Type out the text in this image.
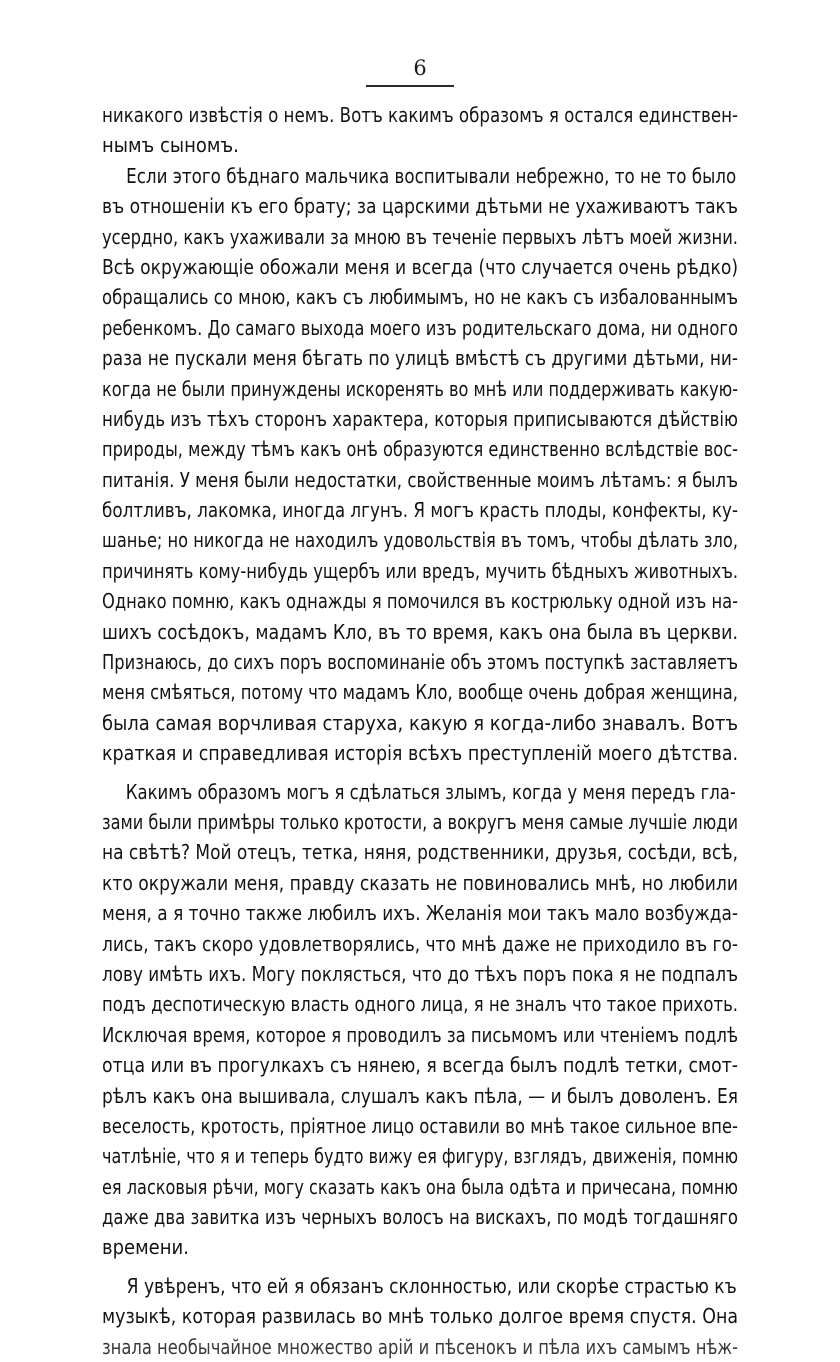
6
никакого извѣстія о немъ. Вотъ какимъ образомъ я остался единствен-
нымъ сыномъ.
Если этого бѣднаго мальчика воспитывали небрежно, то не то было
въ отношеніи къ его брату; за царскими дѣтьми не ухаживаютъ такъ
усердно, какъ ухаживали за мною въ теченіе первыхъ лѣтъ моей жизни.
Всѣ окружающіе обожали меня и всегда (что случается очень рѣдко)
обращались со мною, какъ съ любимымъ, но не какъ съ избалованнымъ
ребенкомъ. До самаго выхода моего изъ родительскаго дома, ни одного
раза не пускали меня бѣгать по улицѣ вмѣстѣ съ другими дѣтьми, ни-
когда не были принуждены искоренять во мнѣ или поддерживать какую-
нибудь изъ тѣхъ сторонъ характера, которыя приписываются дѣйствію
природы, между тѣмъ какъ онѣ образуются единственно вслѣдствіе вос-
питанія. У меня были недостатки, свойственные моимъ лѣтамъ: я былъ
болтливъ, лакомка, иногда лгунъ. Я могъ красть плоды, конфекты, ку-
шанье; но никогда не находилъ удовольствія въ томъ, чтобы дѣлать зло,
причинять кому-нибудь ущербъ или вредъ, мучить бѣдныхъ животныхъ.
Однако помню, какъ однажды я помочился въ кострюльку одной изъ на-
шихъ сосѣдокъ, мадамъ Кло, въ то время, какъ она была въ церкви.
Признаюсь, до сихъ поръ воспоминаніе объ этомъ поступкѣ заставляетъ
меня смѣяться, потому что мадамъ Кло, вообще очень добрая женщина,
была самая ворчливая старуха, какую я когда-либо знавалъ. Вотъ
краткая и справедливая исторія всѣхъ преступленій моего дѣтства.
Какимъ образомъ могъ я сдѣлаться злымъ, когда у меня передъ гла-
зами были примѣры только кротости, а вокругъ меня самые лучшіе люди
на свѣтѣ? Мой отецъ, тетка, няня, родственники, друзья, сосѣди, всѣ,
кто окружали меня, правду сказать не повиновались мнѣ, но любили
меня, а я точно также любилъ ихъ. Желанія мои такъ мало возбужда-
лись, такъ скоро удовлетворялись, что мнѣ даже не приходило въ го-
лову имѣть ихъ. Могу поклясться, что до тѣхъ поръ пока я не подпалъ
подъ деспотическую власть одного лица, я не зналъ что такое прихоть.
Исключая время, которое я проводилъ за письмомъ или чтеніемъ подлѣ
отца или въ прогулкахъ съ нянею, я всегда былъ подлѣ тетки, смот-
рѣлъ какъ она вышивала, слушалъ какъ пѣла, — и былъ доволенъ. Ея
веселость, кротость, пріятное лицо оставили во мнѣ такое сильное впе-
чатлѣніе, что я и теперь будто вижу ея фигуру, взглядъ, движенія, помню
ея ласковыя рѣчи, могу сказать какъ она была одѣта и причесана, помню
даже два завитка изъ черныхъ волосъ на вискахъ, по модѣ тогдашняго
времени.
Я увѣренъ, что ей я обязанъ склонностью, или скорѣе страстью къ
музыкѣ, которая развилась во мнѣ только долгое время спустя. Она
знала необычайное множество арій и пѣсенокъ и пѣла ихъ самымъ нѣж-
